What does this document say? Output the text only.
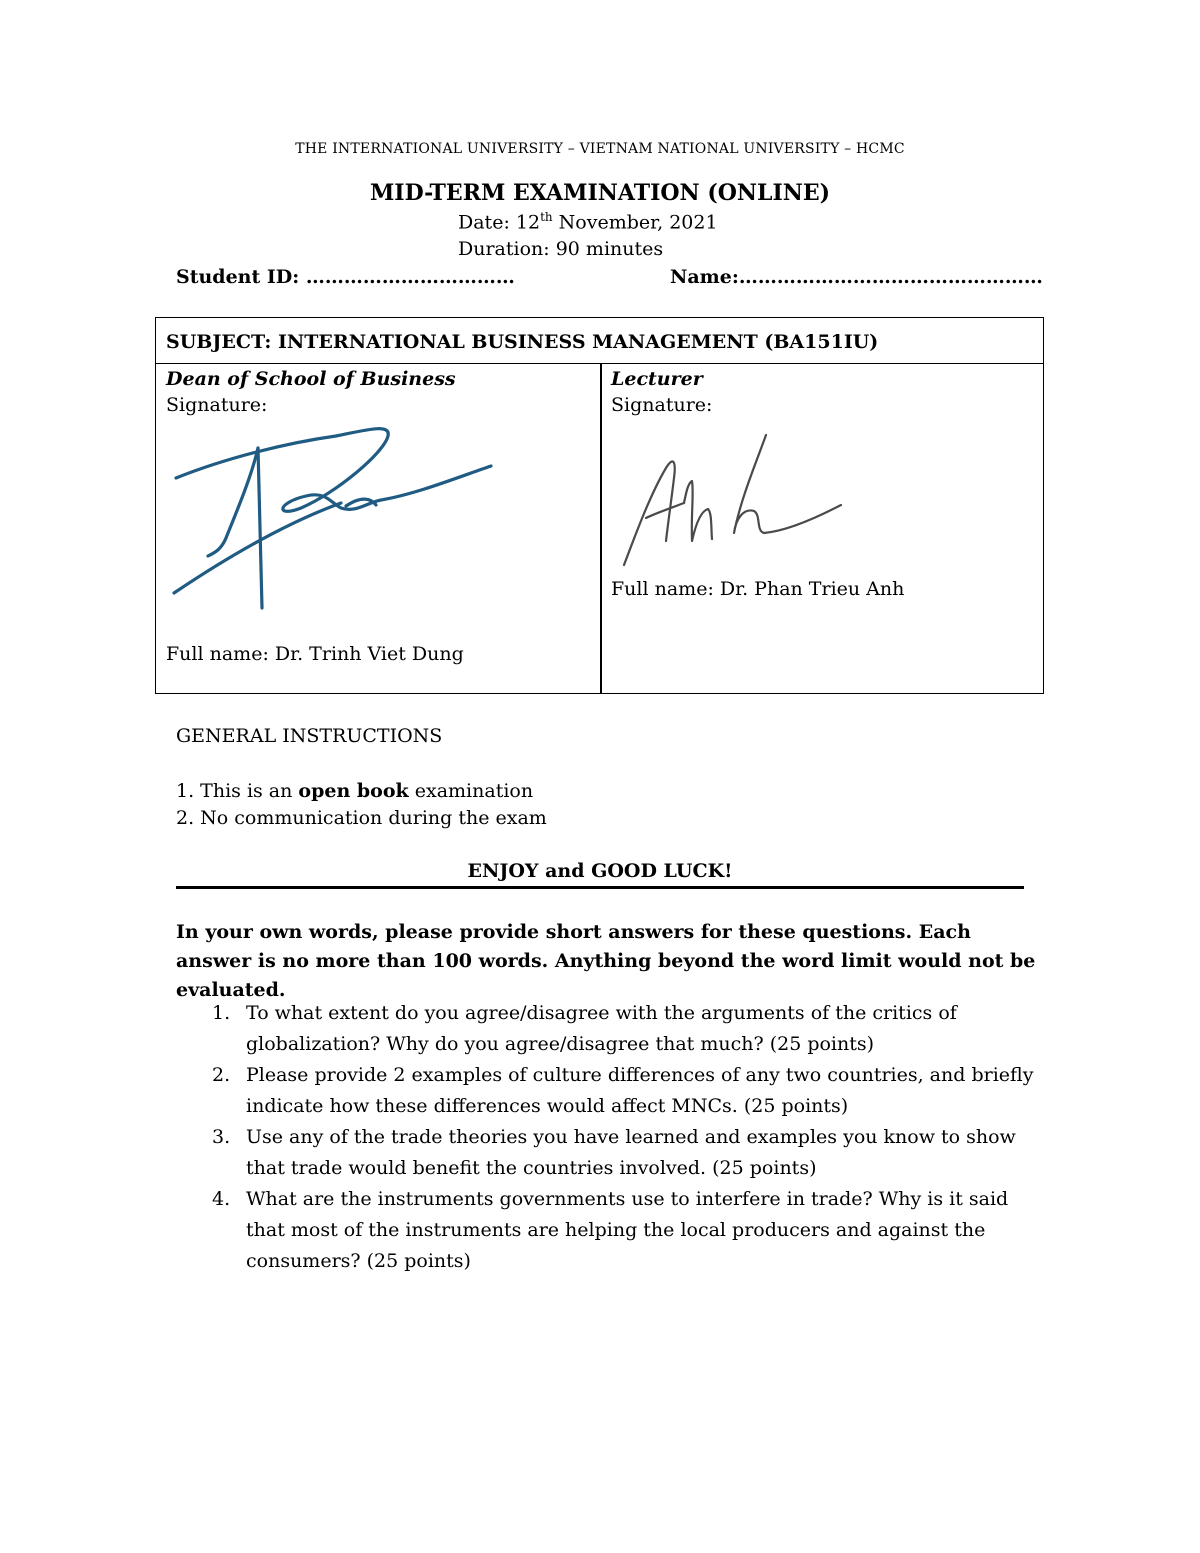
THE INTERNATIONAL UNIVERSITY – VIETNAM NATIONAL UNIVERSITY – HCMC
MID-TERM EXAMINATION (ONLINE)
Date: 12th November, 2021
Duration: 90 minutes
Student ID: ……………………………	Name:…………………………………………
SUBJECT: INTERNATIONAL BUSINESS MANAGEMENT (BA151IU)
Dean of School of Business
Signature:
Full name: Dr. Trinh Viet Dung
Lecturer
Signature:
Full name: Dr. Phan Trieu Anh
GENERAL INSTRUCTIONS
1. This is an open book examination
2. No communication during the exam
ENJOY and GOOD LUCK!
In your own words, please provide short answers for these questions. Each answer is no more than 100 words. Anything beyond the word limit would not be evaluated.
1. To what extent do you agree/disagree with the arguments of the critics of globalization? Why do you agree/disagree that much? (25 points)
2. Please provide 2 examples of culture differences of any two countries, and briefly indicate how these differences would affect MNCs. (25 points)
3. Use any of the trade theories you have learned and examples you know to show that trade would benefit the countries involved. (25 points)
4. What are the instruments governments use to interfere in trade? Why is it said that most of the instruments are helping the local producers and against the consumers? (25 points)
